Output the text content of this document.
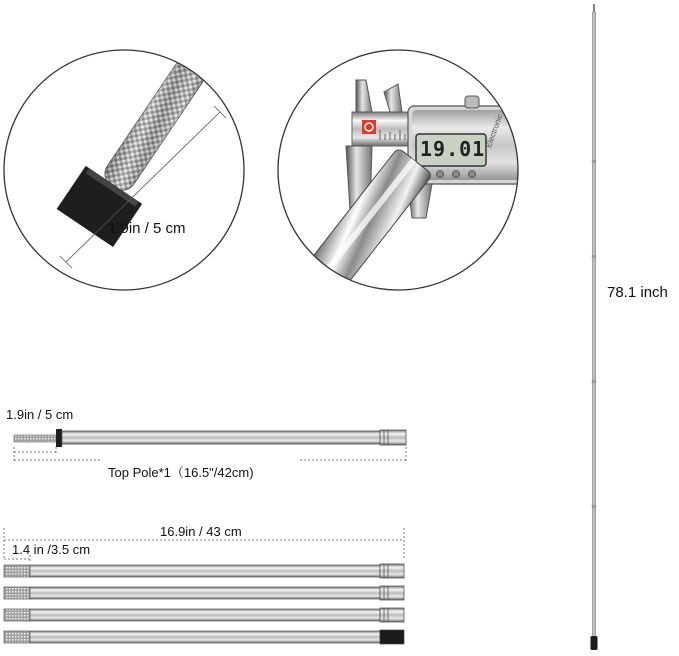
1.9in / 5 cm
19.01
Electronic
78.1 inch
1.9in / 5 cm
Top Pole*1（16.5"/42cm)
16.9in / 43 cm
1.4 in /3.5 cm
